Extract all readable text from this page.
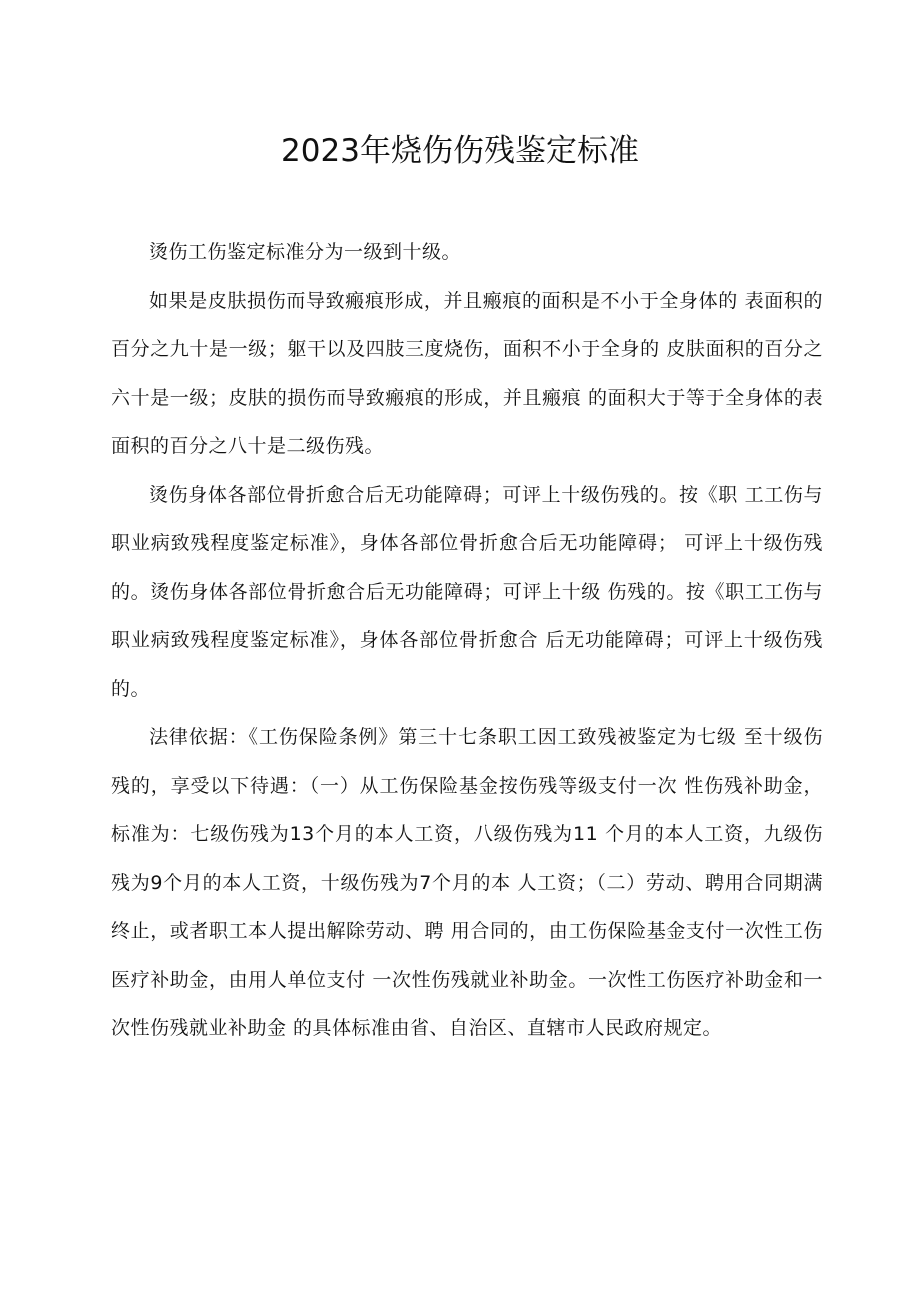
2023年烧伤伤残鉴定标准

烫伤工伤鉴定标准分为一级到十级。

如果是皮肤损伤而导致瘢痕形成，并且瘢痕的面积是不小于全身体的 表面积的百分之九十是一级；躯干以及四肢三度烧伤，面积不小于全身的 皮肤面积的百分之六十是一级；皮肤的损伤而导致瘢痕的形成，并且瘢痕 的面积大于等于全身体的表面积的百分之八十是二级伤残。

烫伤身体各部位骨折愈合后无功能障碍；可评上十级伤残的。按《职 工工伤与职业病致残程度鉴定标准》，身体各部位骨折愈合后无功能障碍； 可评上十级伤残的。烫伤身体各部位骨折愈合后无功能障碍；可评上十级 伤残的。按《职工工伤与职业病致残程度鉴定标准》，身体各部位骨折愈合 后无功能障碍；可评上十级伤残的。

法律依据：《工伤保险条例》第三十七条职工因工致残被鉴定为七级 至十级伤残的，享受以下待遇：（一）从工伤保险基金按伤残等级支付一次 性伤残补助金，标准为：七级伤残为13个月的本人工资，八级伤残为11 个月的本人工资，九级伤残为9个月的本人工资，十级伤残为7个月的本 人工资；（二）劳动、聘用合同期满终止，或者职工本人提出解除劳动、聘 用合同的，由工伤保险基金支付一次性工伤医疗补助金，由用人单位支付 一次性伤残就业补助金。一次性工伤医疗补助金和一次性伤残就业补助金 的具体标准由省、自治区、直辖市人民政府规定。
